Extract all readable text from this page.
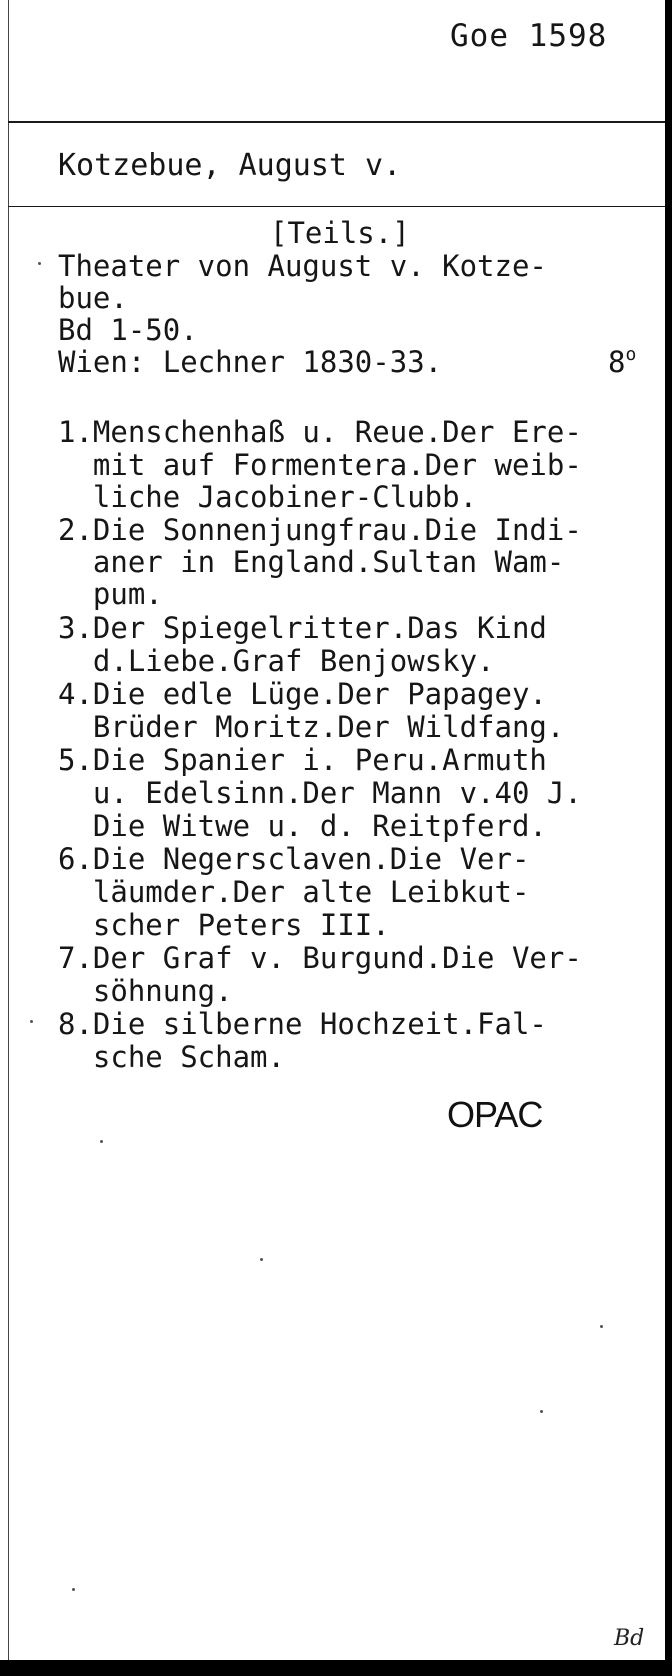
Goe 1598
Kotzebue, August v.
[Teils.]
Theater von August v. Kotze-
bue.
Bd 1-50.
Wien: Lechner 1830-33.	8$^o$
1.Menschenhaß u. Reue.Der Ere-
mit auf Formentera.Der weib-
liche Jacobiner-Clubb.
2.Die Sonnenjungfrau.Die Indi-
aner in England.Sultan Wam-
pum.
3.Der Spiegelritter.Das Kind
d.Liebe.Graf Benjowsky.
4.Die edle Lüge.Der Papagey.
Brüder Moritz.Der Wildfang.
5.Die Spanier i. Peru.Armuth
u. Edelsinn.Der Mann v.40 J.
Die Witwe u. d. Reitpferd.
6.Die Negersclaven.Die Ver-
läumder.Der alte Leibkut-
scher Peters III.
7.Der Graf v. Burgund.Die Ver-
söhnung.
8.Die silberne Hochzeit.Fal-
sche Scham.
OPAC
Bd
